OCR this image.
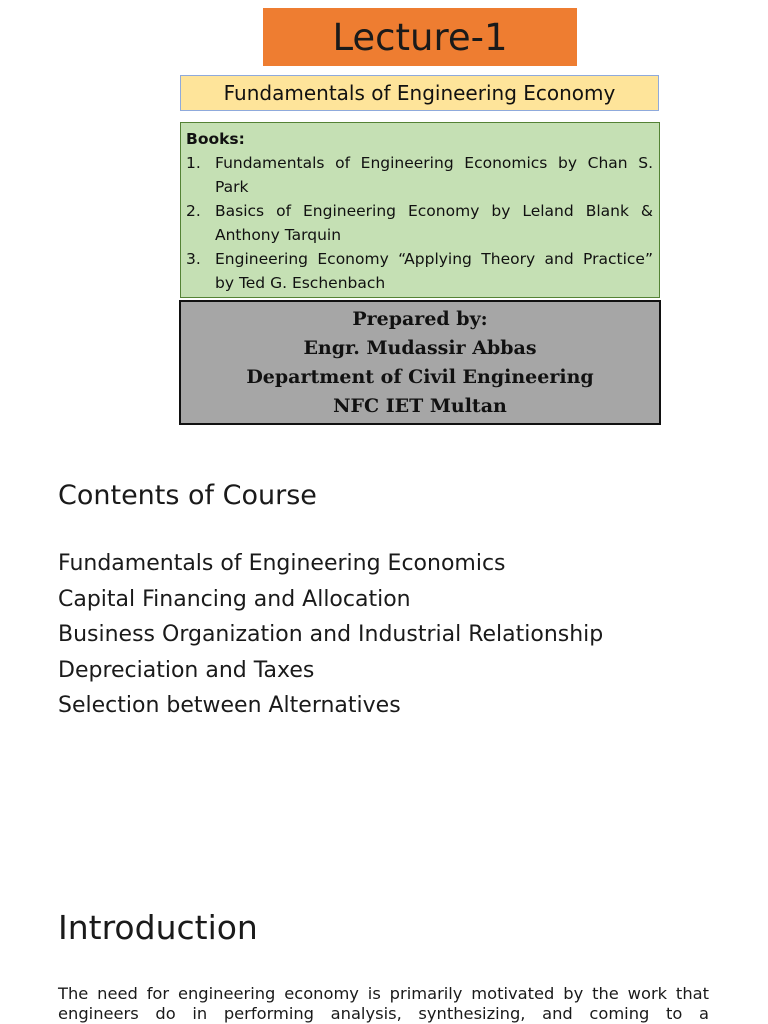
Lecture-1
Fundamentals of Engineering Economy
Books:
1. Fundamentals of Engineering Economics by Chan S. Park
2. Basics of Engineering Economy by Leland Blank & Anthony Tarquin
3. Engineering Economy “Applying Theory and Practice” by Ted G. Eschenbach
Prepared by:
Engr. Mudassir Abbas
Department of Civil Engineering
NFC IET Multan
Contents of Course
Fundamentals of Engineering Economics
Capital Financing and Allocation
Business Organization and Industrial Relationship
Depreciation and Taxes
Selection between Alternatives
Introduction

The need for engineering economy is primarily motivated by the work that engineers do in performing analysis, synthesizing, and coming to a
